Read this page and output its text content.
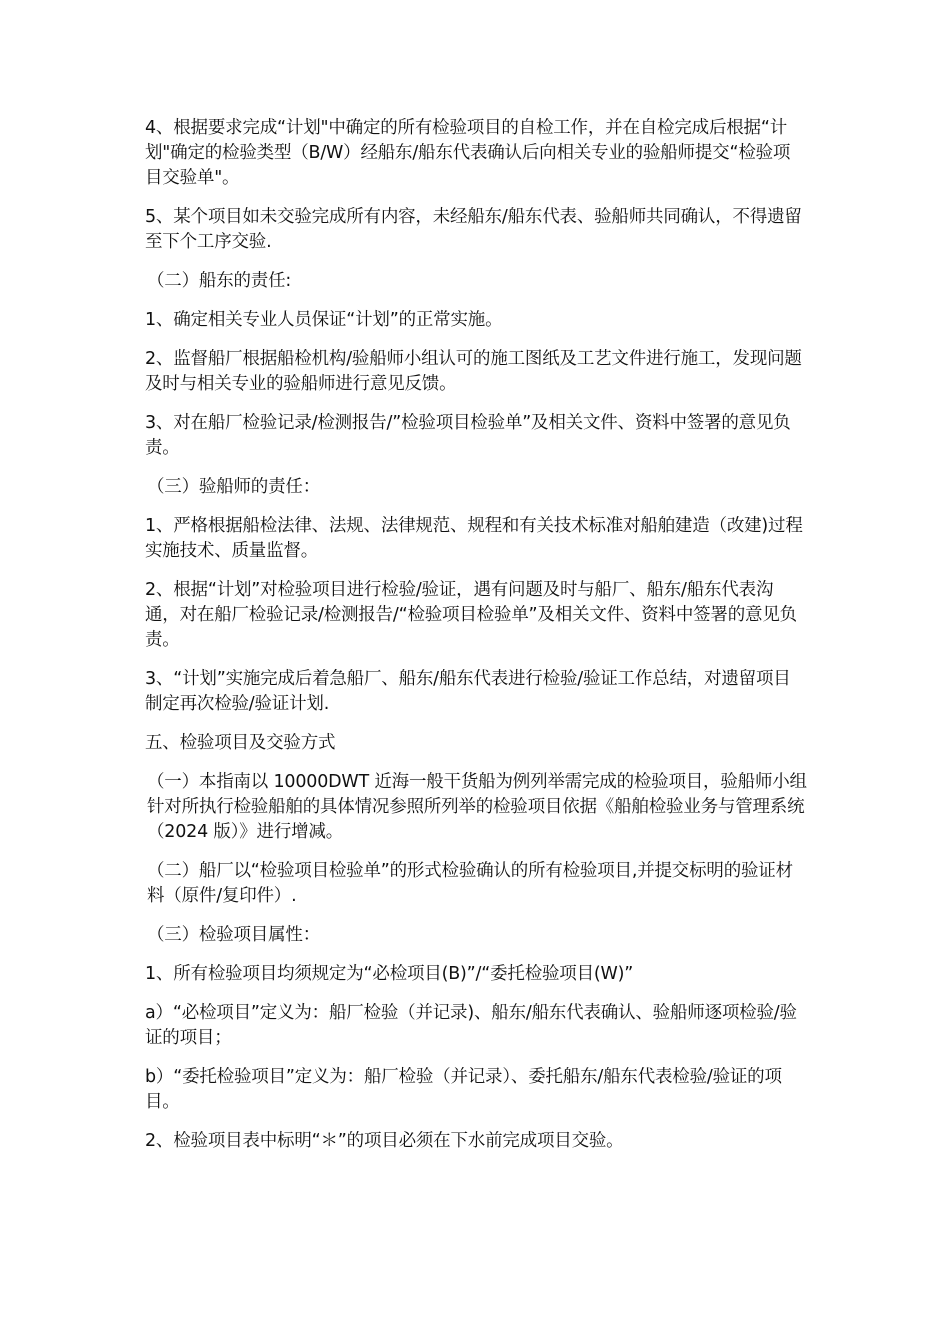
4、根据要求完成“计划"中确定的所有检验项目的自检工作，并在自检完成后根据“计划"确定的检验类型（B/W）经船东/船东代表确认后向相关专业的验船师提交“检验项目交验单"。

5、某个项目如未交验完成所有内容，未经船东/船东代表、验船师共同确认，不得遗留至下个工序交验.

（二）船东的责任:

1、确定相关专业人员保证“计划”的正常实施。

2、监督船厂根据船检机构/验船师小组认可的施工图纸及工艺文件进行施工，发现问题及时与相关专业的验船师进行意见反馈。

3、对在船厂检验记录/检测报告/”检验项目检验单”及相关文件、资料中签署的意见负责。

（三）验船师的责任：

1、严格根据船检法律、法规、法律规范、规程和有关技术标准对船舶建造（改建)过程实施技术、质量监督。

2、根据“计划”对检验项目进行检验/验证，遇有问题及时与船厂、船东/船东代表沟通，对在船厂检验记录/检测报告/“检验项目检验单”及相关文件、资料中签署的意见负责。

3、“计划”实施完成后着急船厂、船东/船东代表进行检验/验证工作总结，对遗留项目制定再次检验/验证计划.

五、检验项目及交验方式

（一）本指南以 10000DWT 近海一般干货船为例列举需完成的检验项目，验船师小组针对所执行检验船舶的具体情况参照所列举的检验项目依据《船舶检验业务与管理系统（2024 版）》进行增减。

（二）船厂以“检验项目检验单”的形式检验确认的所有检验项目,并提交标明的验证材料（原件/复印件）.

（三）检验项目属性：

1、所有检验项目均须规定为“必检项目(B)”/“委托检验项目(W)”

a）“必检项目”定义为：船厂检验（并记录)、船东/船东代表确认、验船师逐项检验/验证的项目；

b）“委托检验项目”定义为：船厂检验（并记录）、委托船东/船东代表检验/验证的项目。

2、检验项目表中标明“＊”的项目必须在下水前完成项目交验。
